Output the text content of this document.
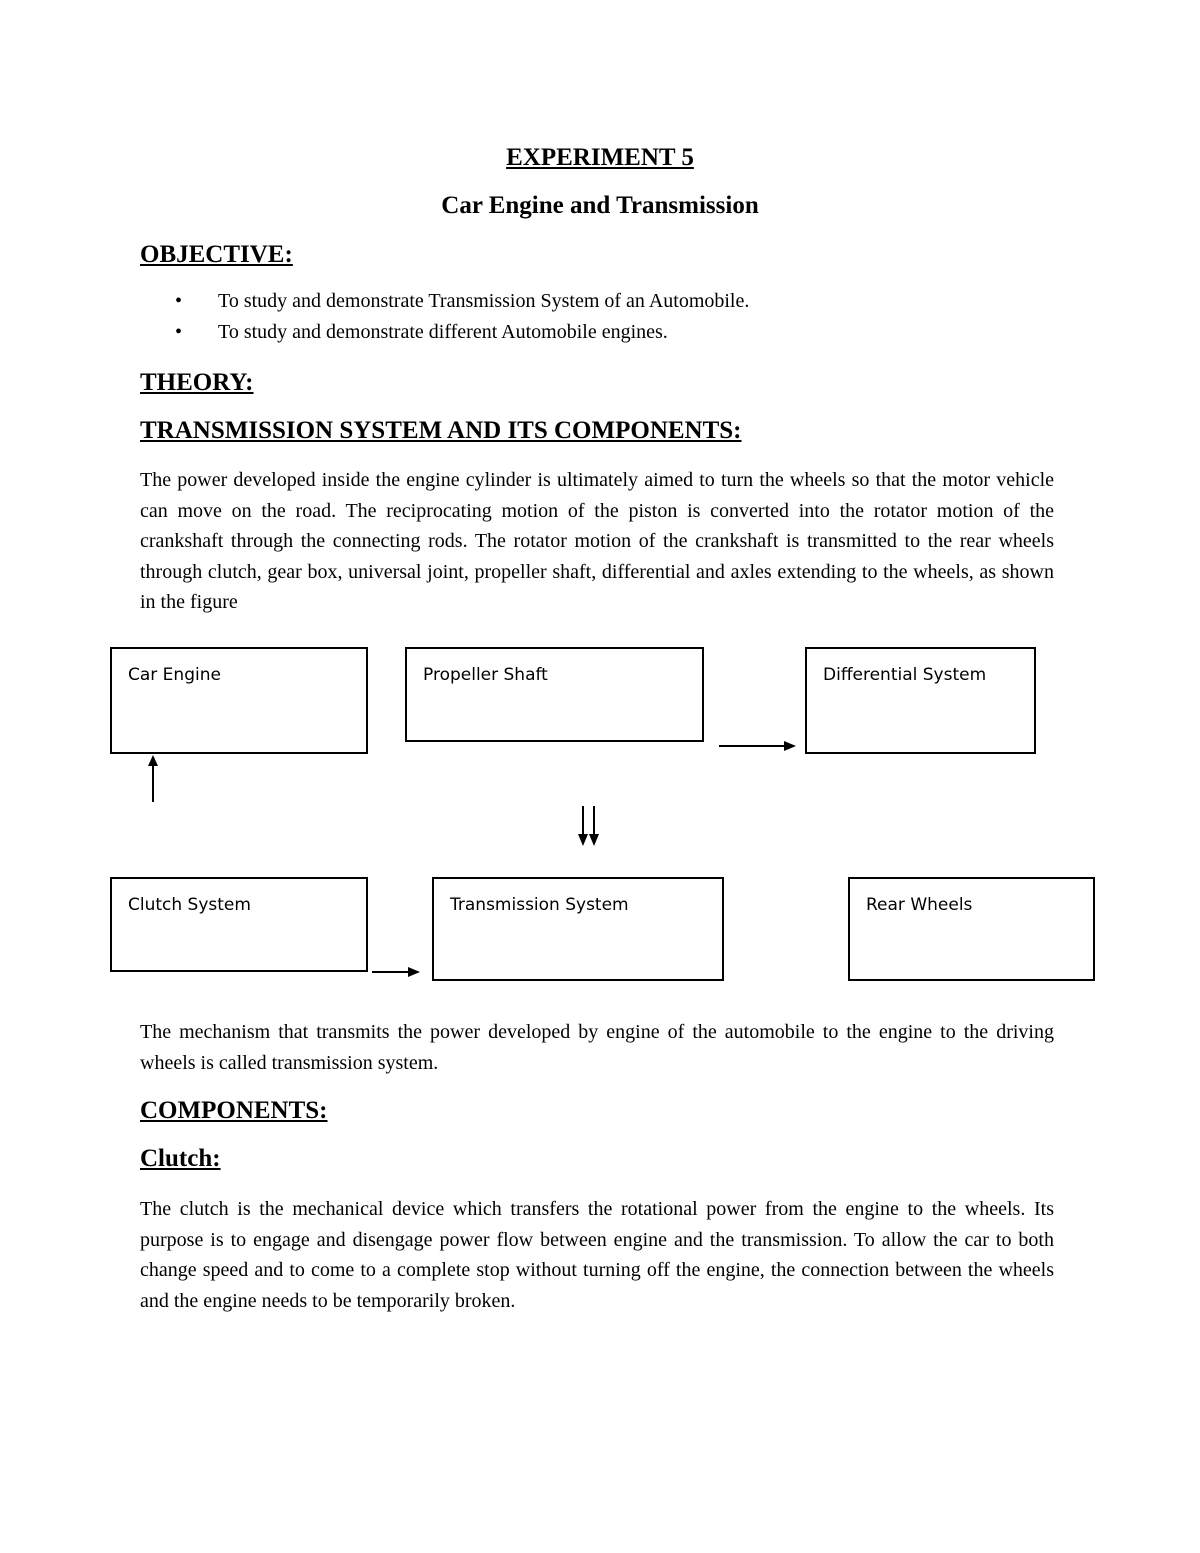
EXPERIMENT 5
Car Engine and Transmission
OBJECTIVE:
•	To study and demonstrate Transmission System of an Automobile.
•	To study and demonstrate different Automobile engines.
THEORY:
TRANSMISSION SYSTEM AND ITS COMPONENTS:
The power developed inside the engine cylinder is ultimately aimed to turn the wheels so that the motor vehicle can move on the road. The reciprocating motion of the piston is converted into the rotator motion of the crankshaft through the connecting rods. The rotator motion of the crankshaft is transmitted to the rear wheels through clutch, gear box, universal joint, propeller shaft, differential and axles extending to the wheels, as shown in the figure
Car Engine	Propeller Shaft	Differential System
Clutch System	Transmission System	Rear Wheels
The mechanism that transmits the power developed by engine of the automobile to the engine to the driving wheels is called transmission system.
COMPONENTS:
Clutch:
The clutch is the mechanical device which transfers the rotational power from the engine to the wheels. Its purpose is to engage and disengage power flow between engine and the transmission. To allow the car to both change speed and to come to a complete stop without turning off the engine, the connection between the wheels and the engine needs to be temporarily broken.
